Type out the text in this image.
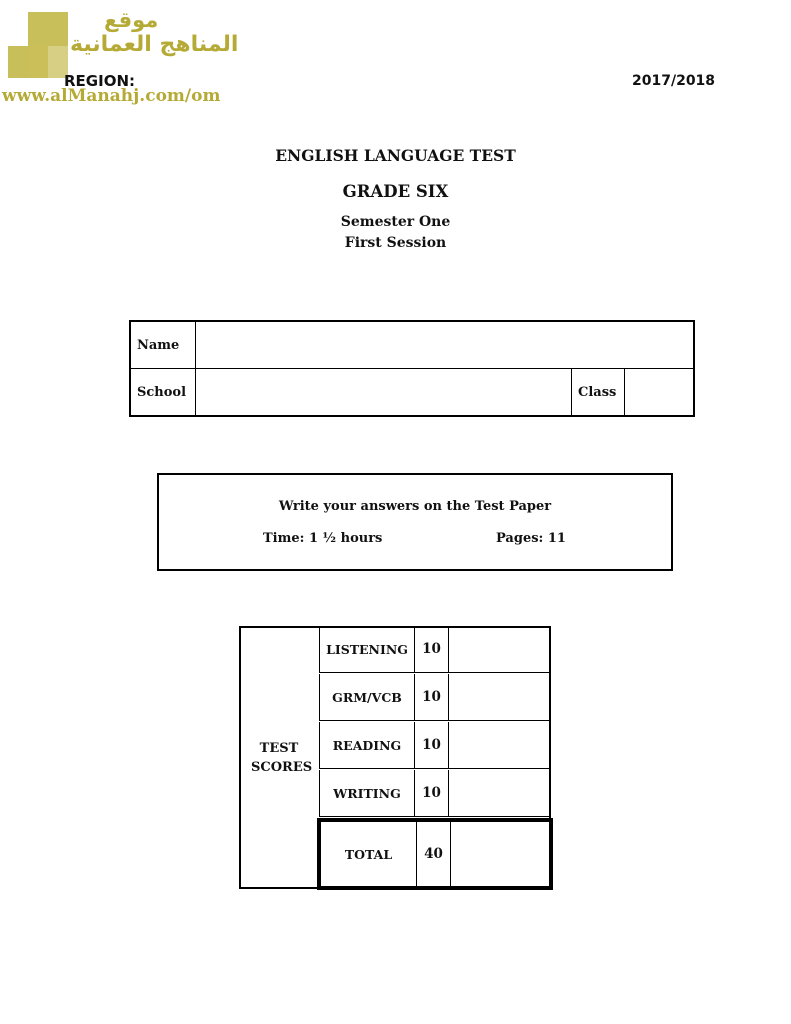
موقع
المناهج العمانية
www.alManahj.com/om
REGION:	2017/2018
ENGLISH LANGUAGE TEST
GRADE SIX
Semester One
First Session
Name
School	Class
Write your answers on the Test Paper
Time: 1 ½ hours	Pages: 11
TEST SCORES
LISTENING	10
GRM/VCB	10
READING	10
WRITING	10
TOTAL	40
